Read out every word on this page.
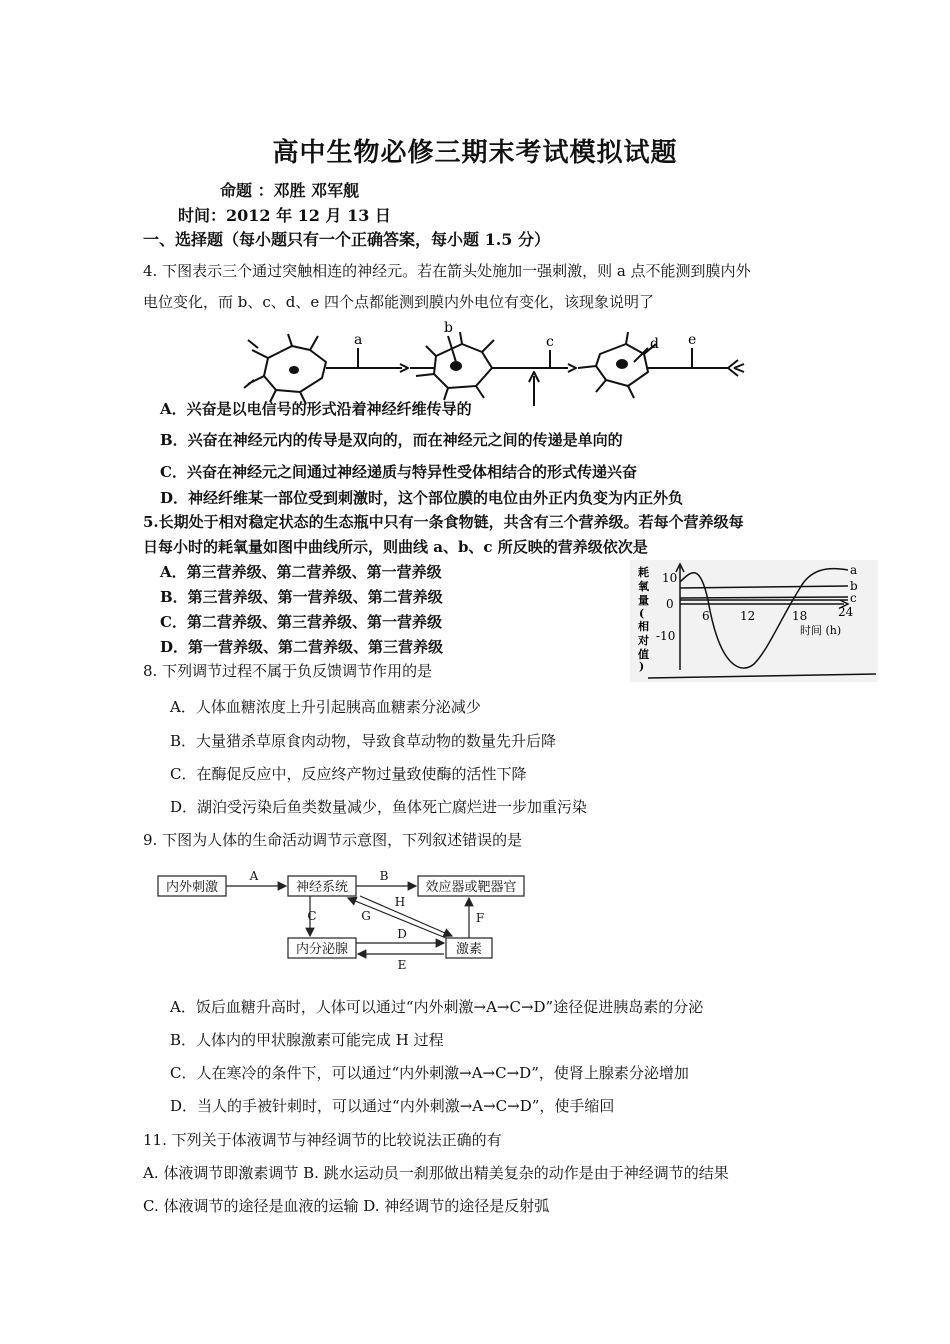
高中生物必修三期末考试模拟试题
命题 ：邓胜 邓军舰
时间：2012 年 12 月 13 日
一、选择题（每小题只有一个正确答案，每小题 1.5 分）
4. 下图表示三个通过突触相连的神经元。若在箭头处施加一强刺激，则 a 点不能测到膜内外
电位变化，而 b、c、d、e 四个点都能测到膜内外电位有变化，该现象说明了
a
b
c	d e
A．兴奋是以电信号的形式沿着神经纤维传导的
B．兴奋在神经元内的传导是双向的，而在神经元之间的传递是单向的
C．兴奋在神经元之间通过神经递质与特异性受体相结合的形式传递兴奋
D．神经纤维某一部位受到刺激时，这个部位膜的电位由外正内负变为内正外负
5.长期处于相对稳定状态的生态瓶中只有一条食物链，共含有三个营养级。若每个营养级每
日每小时的耗氧量如图中曲线所示，则曲线 a、b、c 所反映的营养级依次是
A．第三营养级、第二营养级、第一营养级
B．第三营养级、第一营养级、第二营养级
C．第二营养级、第三营养级、第一营养级
D．第一营养级、第二营养级、第三营养级
耗
氧
量
(
相
对
值
)
10
0
-10
6	12	18	24
a
b
c
时间 (h)
8. 下列调节过程不属于负反馈调节作用的是
A．人体血糖浓度上升引起胰高血糖素分泌减少
B．大量猎杀草原食肉动物，导致食草动物的数量先升后降
C．在酶促反应中，反应终产物过量致使酶的活性下降
D．湖泊受污染后鱼类数量减少，鱼体死亡腐烂进一步加重污染
9. 下图为人体的生命活动调节示意图，下列叙述错误的是
内外刺激	神经系统	效应器或靶器官
内分泌腺	激素
A	B
C
D
E
F
G
H
A．饭后血糖升高时，人体可以通过“内外刺激→A→C→D”途径促进胰岛素的分泌
B．人体内的甲状腺激素可能完成 H 过程
C．人在寒冷的条件下，可以通过“内外刺激→A→C→D”，使肾上腺素分泌增加
D．当人的手被针刺时，可以通过“内外刺激→A→C→D”，使手缩回
11. 下列关于体液调节与神经调节的比较说法正确的有
A. 体液调节即激素调节 B. 跳水运动员一刹那做出精美复杂的动作是由于神经调节的结果
C. 体液调节的途径是血液的运输 D. 神经调节的途径是反射弧
